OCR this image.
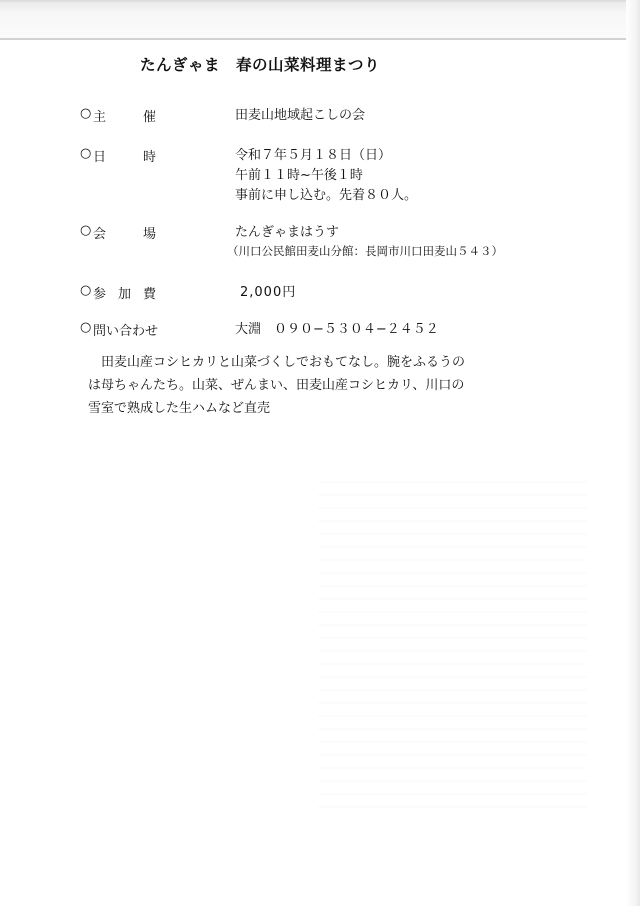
たんぎゃま　春の山菜料理まつり
○ 主	催	田麦山地域起こしの会
○ 日	時	令和７年５月１８日（日）
午前１１時~午後１時
事前に申し込む。先着８０人。
○ 会	場	たんぎゃまはうす
（川口公民館田麦山分館：長岡市川口田麦山５４３）
○ 参 加 費	2,000円
○ 問い合わせ	大淵　０９０−５３０４−２４５２
田麦山産コシヒカリと山菜づくしでおもてなし。腕をふるうの
は母ちゃんたち。山菜、ぜんまい、田麦山産コシヒカリ、川口の
雪室で熟成した生ハムなど直売
